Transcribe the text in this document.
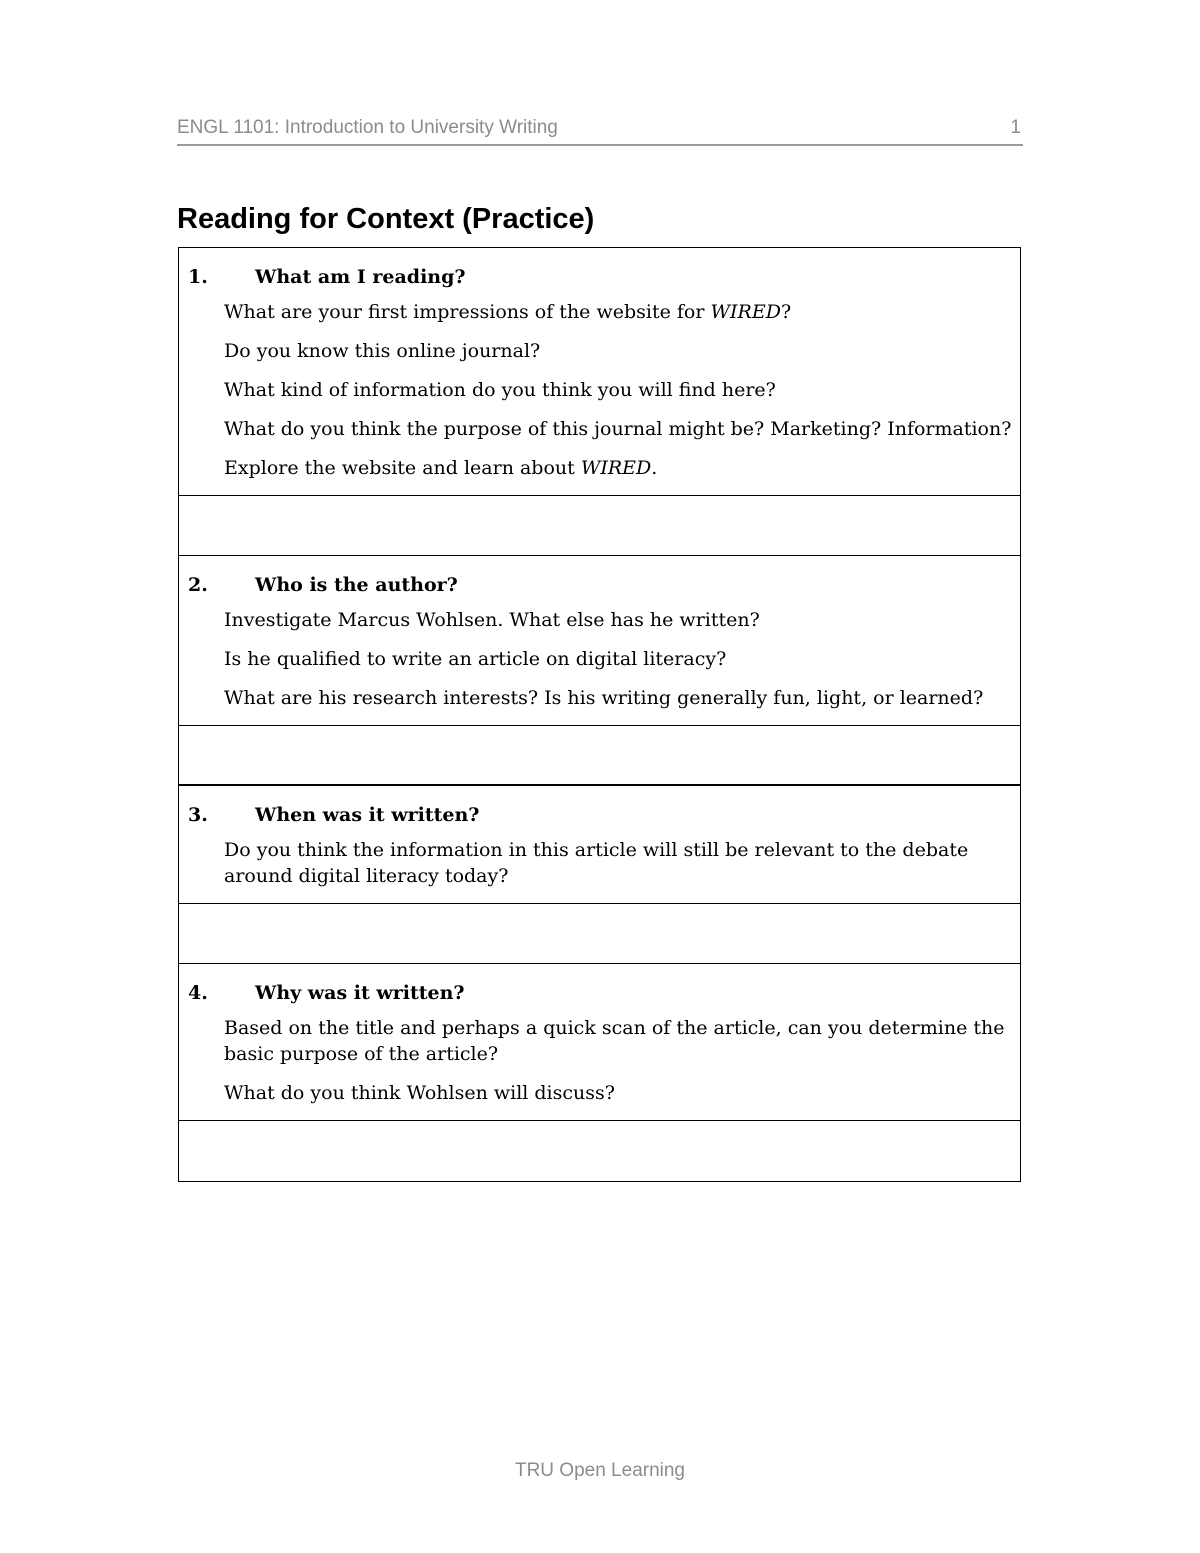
ENGL 1101: Introduction to University Writing	1
Reading for Context (Practice)
1.	What am I reading?

What are your first impressions of the website for WIRED?

Do you know this online journal?

What kind of information do you think you will find here?

What do you think the purpose of this journal might be? Marketing? Information?

Explore the website and learn about WIRED.

2.	Who is the author?

Investigate Marcus Wohlsen. What else has he written?

Is he qualified to write an article on digital literacy?

What are his research interests? Is his writing generally fun, light, or learned?

3.	When was it written?

Do you think the information in this article will still be relevant to the debate around digital literacy today?

4.	Why was it written?

Based on the title and perhaps a quick scan of the article, can you determine the basic purpose of the article?

What do you think Wohlsen will discuss?

TRU Open Learning
